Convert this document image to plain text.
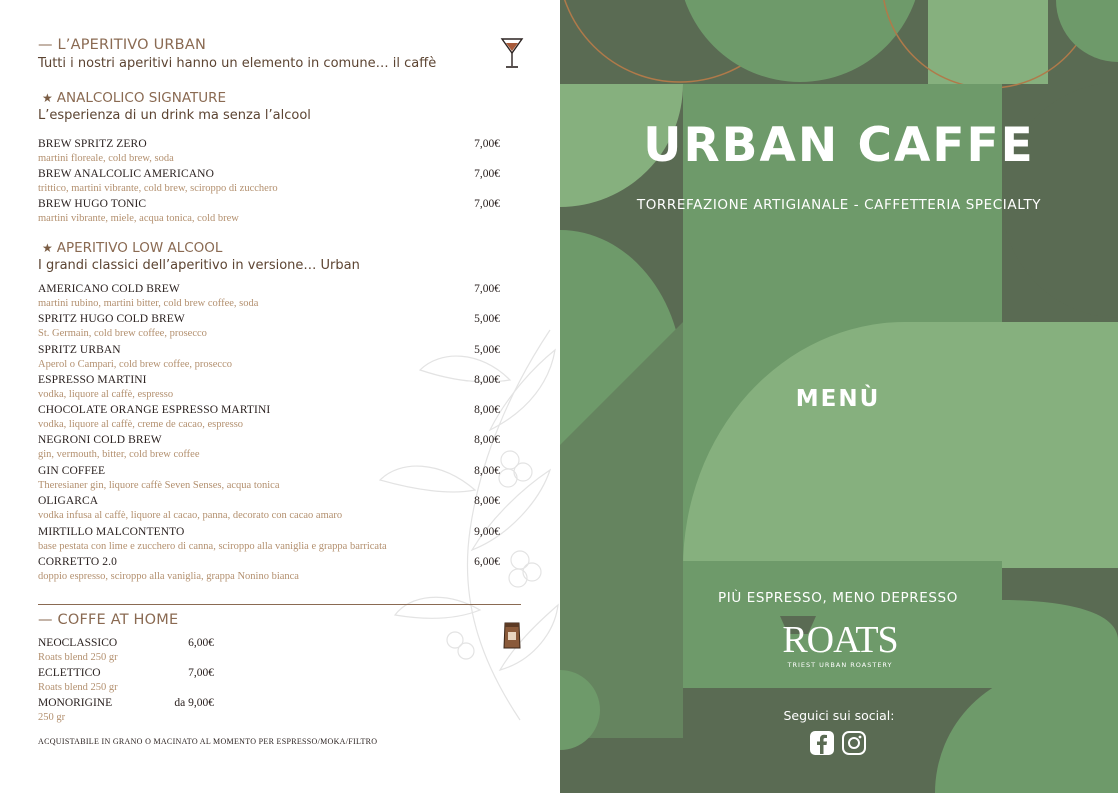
— L’APERITIVO URBAN
Tutti i nostri aperitivi hanno un elemento in comune… il caffè
★ ANALCOLICO SIGNATURE
L’esperienza di un drink ma senza l’alcool
BREW SPRITZ ZERO	7,00€
martini floreale, cold brew, soda
BREW ANALCOLIC AMERICANO	7,00€
trittico, martini vibrante, cold brew, sciroppo di zucchero
BREW HUGO TONIC	7,00€
martini vibrante, miele, acqua tonica, cold brew
★ APERITIVO LOW ALCOOL
I grandi classici dell’aperitivo in versione… Urban
AMERICANO COLD BREW	7,00€
martini rubino, martini bitter, cold brew coffee, soda
SPRITZ HUGO COLD BREW	5,00€
St. Germain, cold brew coffee, prosecco
SPRITZ URBAN	5,00€
Aperol o Campari, cold brew coffee, prosecco
ESPRESSO MARTINI	8,00€
vodka, liquore al caffè, espresso
CHOCOLATE ORANGE ESPRESSO MARTINI	8,00€
vodka, liquore al caffè, creme de cacao, espresso
NEGRONI COLD BREW	8,00€
gin, vermouth, bitter, cold brew coffee
GIN COFFEE	8,00€
Theresianer gin, liquore caffè Seven Senses, acqua tonica
OLIGARCA	8,00€
vodka infusa al caffè, liquore al cacao, panna, decorato con cacao amaro
MIRTILLO MALCONTENTO	9,00€
base pestata con lime e zucchero di canna, sciroppo alla vaniglia e grappa barricata
CORRETTO 2.0	6,00€
doppio espresso, sciroppo alla vaniglia, grappa Nonino bianca
— COFFE AT HOME
NEOCLASSICO	6,00€
Roats blend 250 gr
ECLETTICO	7,00€
Roats blend 250 gr
MONORIGINE	da 9,00€
250 gr
ACQUISTABILE IN GRANO O MACINATO AL MOMENTO PER ESPRESSO/MOKA/FILTRO
URBAN CAFFE
TORREFAZIONE ARTIGIANALE - CAFFETTERIA SPECIALTY
MENÙ
PIÙ ESPRESSO, MENO DEPRESSO
ROATS
TRIEST URBAN ROASTERY
Seguici sui social:
